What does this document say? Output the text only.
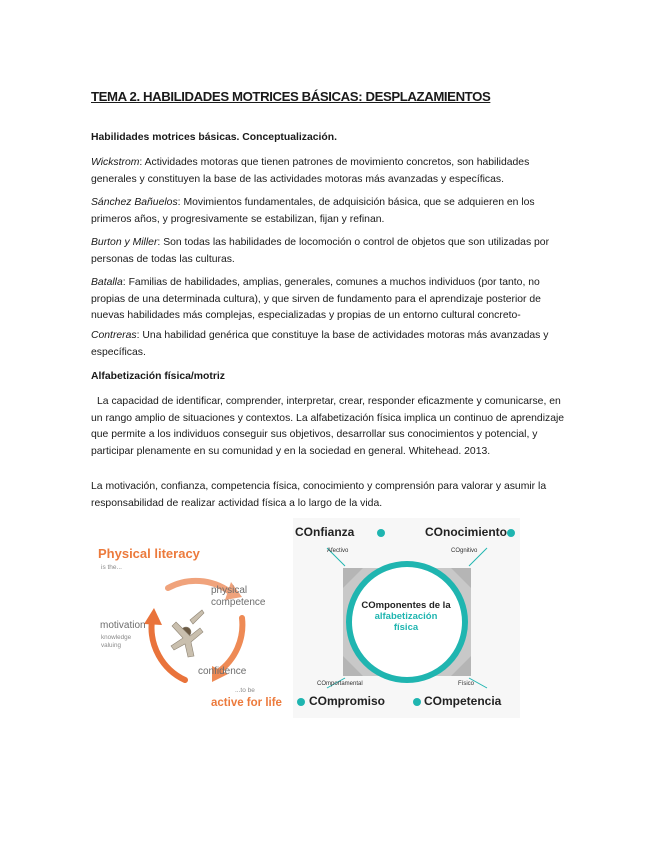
TEMA 2. HABILIDADES MOTRICES BÁSICAS: DESPLAZAMIENTOS

Habilidades motrices básicas. Conceptualización.

Wickstrom: Actividades motoras que tienen patrones de movimiento concretos, son habilidades generales y constituyen la base de las actividades motoras más avanzadas y específicas.

Sánchez Bañuelos: Movimientos fundamentales, de adquisición básica, que se adquieren en los primeros años, y progresivamente se estabilizan, fijan y refinan.

Burton y Miller: Son todas las habilidades de locomoción o control de objetos que son utilizadas por personas de todas las culturas.

Batalla: Familias de habilidades, amplias, generales, comunes a muchos individuos (por tanto, no propias de una determinada cultura), y que sirven de fundamento para el aprendizaje posterior de nuevas habilidades más complejas, especializadas y propias de un entorno cultural concreto-

Contreras: Una habilidad genérica que constituye la base de actividades motoras más avanzadas y específicas.

Alfabetización física/motriz

La capacidad de identificar, comprender, interpretar, crear, responder eficazmente y comunicarse, en un rango amplio de situaciones y contextos. La alfabetización física implica un continuo de aprendizaje que permite a los individuos conseguir sus objetivos, desarrollar sus conocimientos y potencial, y participar plenamente en su comunidad y en la sociedad en general. Whitehead. 2013.

La motivación, confianza, competencia física, conocimiento y comprensión para valorar y asumir la responsabilidad de realizar actividad física a lo largo de la vida.

Physical literacy
is the...
physical competence
motivation
knowledge
valuing
confidence
...to be
active for life
COnfianza
Afectivo
COnocimiento
COgnitivo
COmportamental
COmpromiso
Físico
COmpetencia
COmponentes de la
alfabetización
física
